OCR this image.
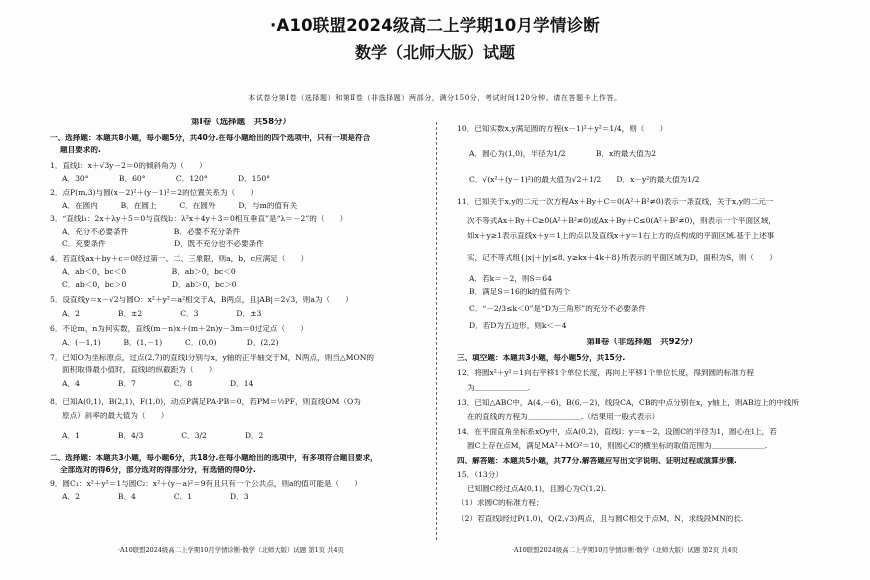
·A10联盟2024级高二上学期10月学情诊断
数学（北师大版）试题
本试卷分第Ⅰ卷（选择题）和第Ⅱ卷（非选择题）两部分，满分150分，考试时间120分钟。请在答题卡上作答。

第Ⅰ卷（选择题　共58分）

一、选择题：本题共8小题，每小题5分，共40分.在每小题给出的四个选项中，只有一项是符合

题目要求的.

1．直线l：x＋√3y－2＝0的倾斜角为（　　）

A．30°　　　　B．60°　　　　C．120°　　　　D．150°

2．点P(m,3)与圆(x－2)²＋(y－1)²＝2的位置关系为（　　）

A．在圆内　　　B．在圆上　　　C．在圆外　　　D．与m的值有关

3．“直线l₁：2x＋λy＋5＝0与直线l₂：λ²x＋4y＋3＝0相互垂直”是“λ＝－2”的（　　）

A．充分不必要条件　　　　　　B．必要不充分条件

C．充要条件　　　　　　　　　D．既不充分也不必要条件

4．若直线ax＋by＋c＝0经过第一、二、三象限，则a，b，c应满足（　　）

A．ab＜0，bc＜0　　　　　　B．ab＞0，bc＜0

C．ab＜0，bc＞0　　　　　　D．ab＞0，bc＞0

5．设直线y＝x－√2与圆O：x²＋y²＝a²相交于A，B两点，且|AB|＝2√3，则a为（　　）

A．2　　　　　B．±2　　　　　C．3　　　　　D．±3

6．不论m，n为何实数，直线(m－n)x＋(m＋2n)y－3m＝0过定点（　　）

A．(－1,1)　　　B．(1,－1)　　　C．(0,0)　　　　D．(2,2)

7．已知O为坐标原点，过点(2,7)的直线l分别与x，y轴的正半轴交于M，N两点，则当△MON的

面积取得最小值时，直线l的纵截距为（　　）

A．4　　　　　B．7　　　　　C．8　　　　　D．14

8．已知A(0,1)，B(2,1)，F(1,0)，动点P满足PA·PB＝0，若PM＝½PF，则直线OM（O为

原点）斜率的最大值为（　　）

A．1　　　　　B．4/3　　　　　C．3/2　　　　　D．2

二、选择题：本题共3小题，每小题6分，共18分.在每小题给出的选项中，有多项符合题目要求，

全部选对的得6分，部分选对的得部分分，有选错的得0分.

9．圆C₁：x²＋y²＝1与圆C₂：x²＋(y－a)²＝9有且只有一个公共点，则a的值可能是（　　）

A．2　　　　　B．4　　　　　C．1　　　　　D．3

10．已知实数x,y满足圆的方程(x－1)²＋y²＝1/4，则（　　）

A．圆心为(1,0)，半径为1/2　　　　B．x的最大值为2

C．√(x²＋(y－1)²)的最大值为√2＋1/2　　D．x－y²的最大值为1/2

11．已知关于x,y的二元一次方程Ax＋By＋C＝0(A²＋B²≠0)表示一条直线，关于x,y的二元一

次不等式Ax＋By＋C≥0(A²＋B²≠0)或Ax＋By＋C≤0(A²＋B²≠0)，则表示一个平面区域，

如x＋y≥1表示直线x＋y＝1上的点以及直线x＋y＝1右上方的点构成的平面区域.基于上述事

实，记不等式组{|x|＋|y|≤8, y≥kx＋4k＋8}所表示的平面区域为D，面积为S，则（　　）

A．若k＝－2，则S＝64

B．满足S＝16的k的值有两个

C．“－2/3≤k＜0”是“D为三角形”的充分不必要条件

D．若D为五边形，则k＜－4

第Ⅱ卷（非选择题　共92分）

三、填空题：本题共3小题，每小题5分，共15分.

12．将圆x²＋y²＝1向右平移1个单位长度，再向上平移1个单位长度，得到圆的标准方程

为＿＿＿＿＿＿＿.

13．已知△ABC中，A(4,－6)，B(6,－2)，线段CA，CB的中点分别在x，y轴上，则AB边上的中线所

在的直线的方程为＿＿＿＿＿＿＿.（结果用一般式表示）

14．在平面直角坐标系xOy中，点A(0,2)，直线l：y＝x－2，设圆C的半径为1，圆心在l上，若

圆C上存在点M，满足MA²＋MO²＝10，则圆心C的横坐标的取值范围为＿＿＿＿＿＿＿.

四、解答题：本题共5小题，共77分.解答题应写出文字说明、证明过程或演算步骤.

15．（13分）

已知圆C经过点A(0,1)，且圆心为C(1,2).

（1）求圆C的标准方程；

（2）若直线l经过P(1,0)，Q(2,√3)两点，且与圆C相交于点M，N，求线段MN的长.

·A10联盟2024级高二上学期10月学情诊断·数学（北师大版）试题 第1页 共4页	·A10联盟2024级高二上学期10月学情诊断·数学（北师大版）试题 第2页 共4页
